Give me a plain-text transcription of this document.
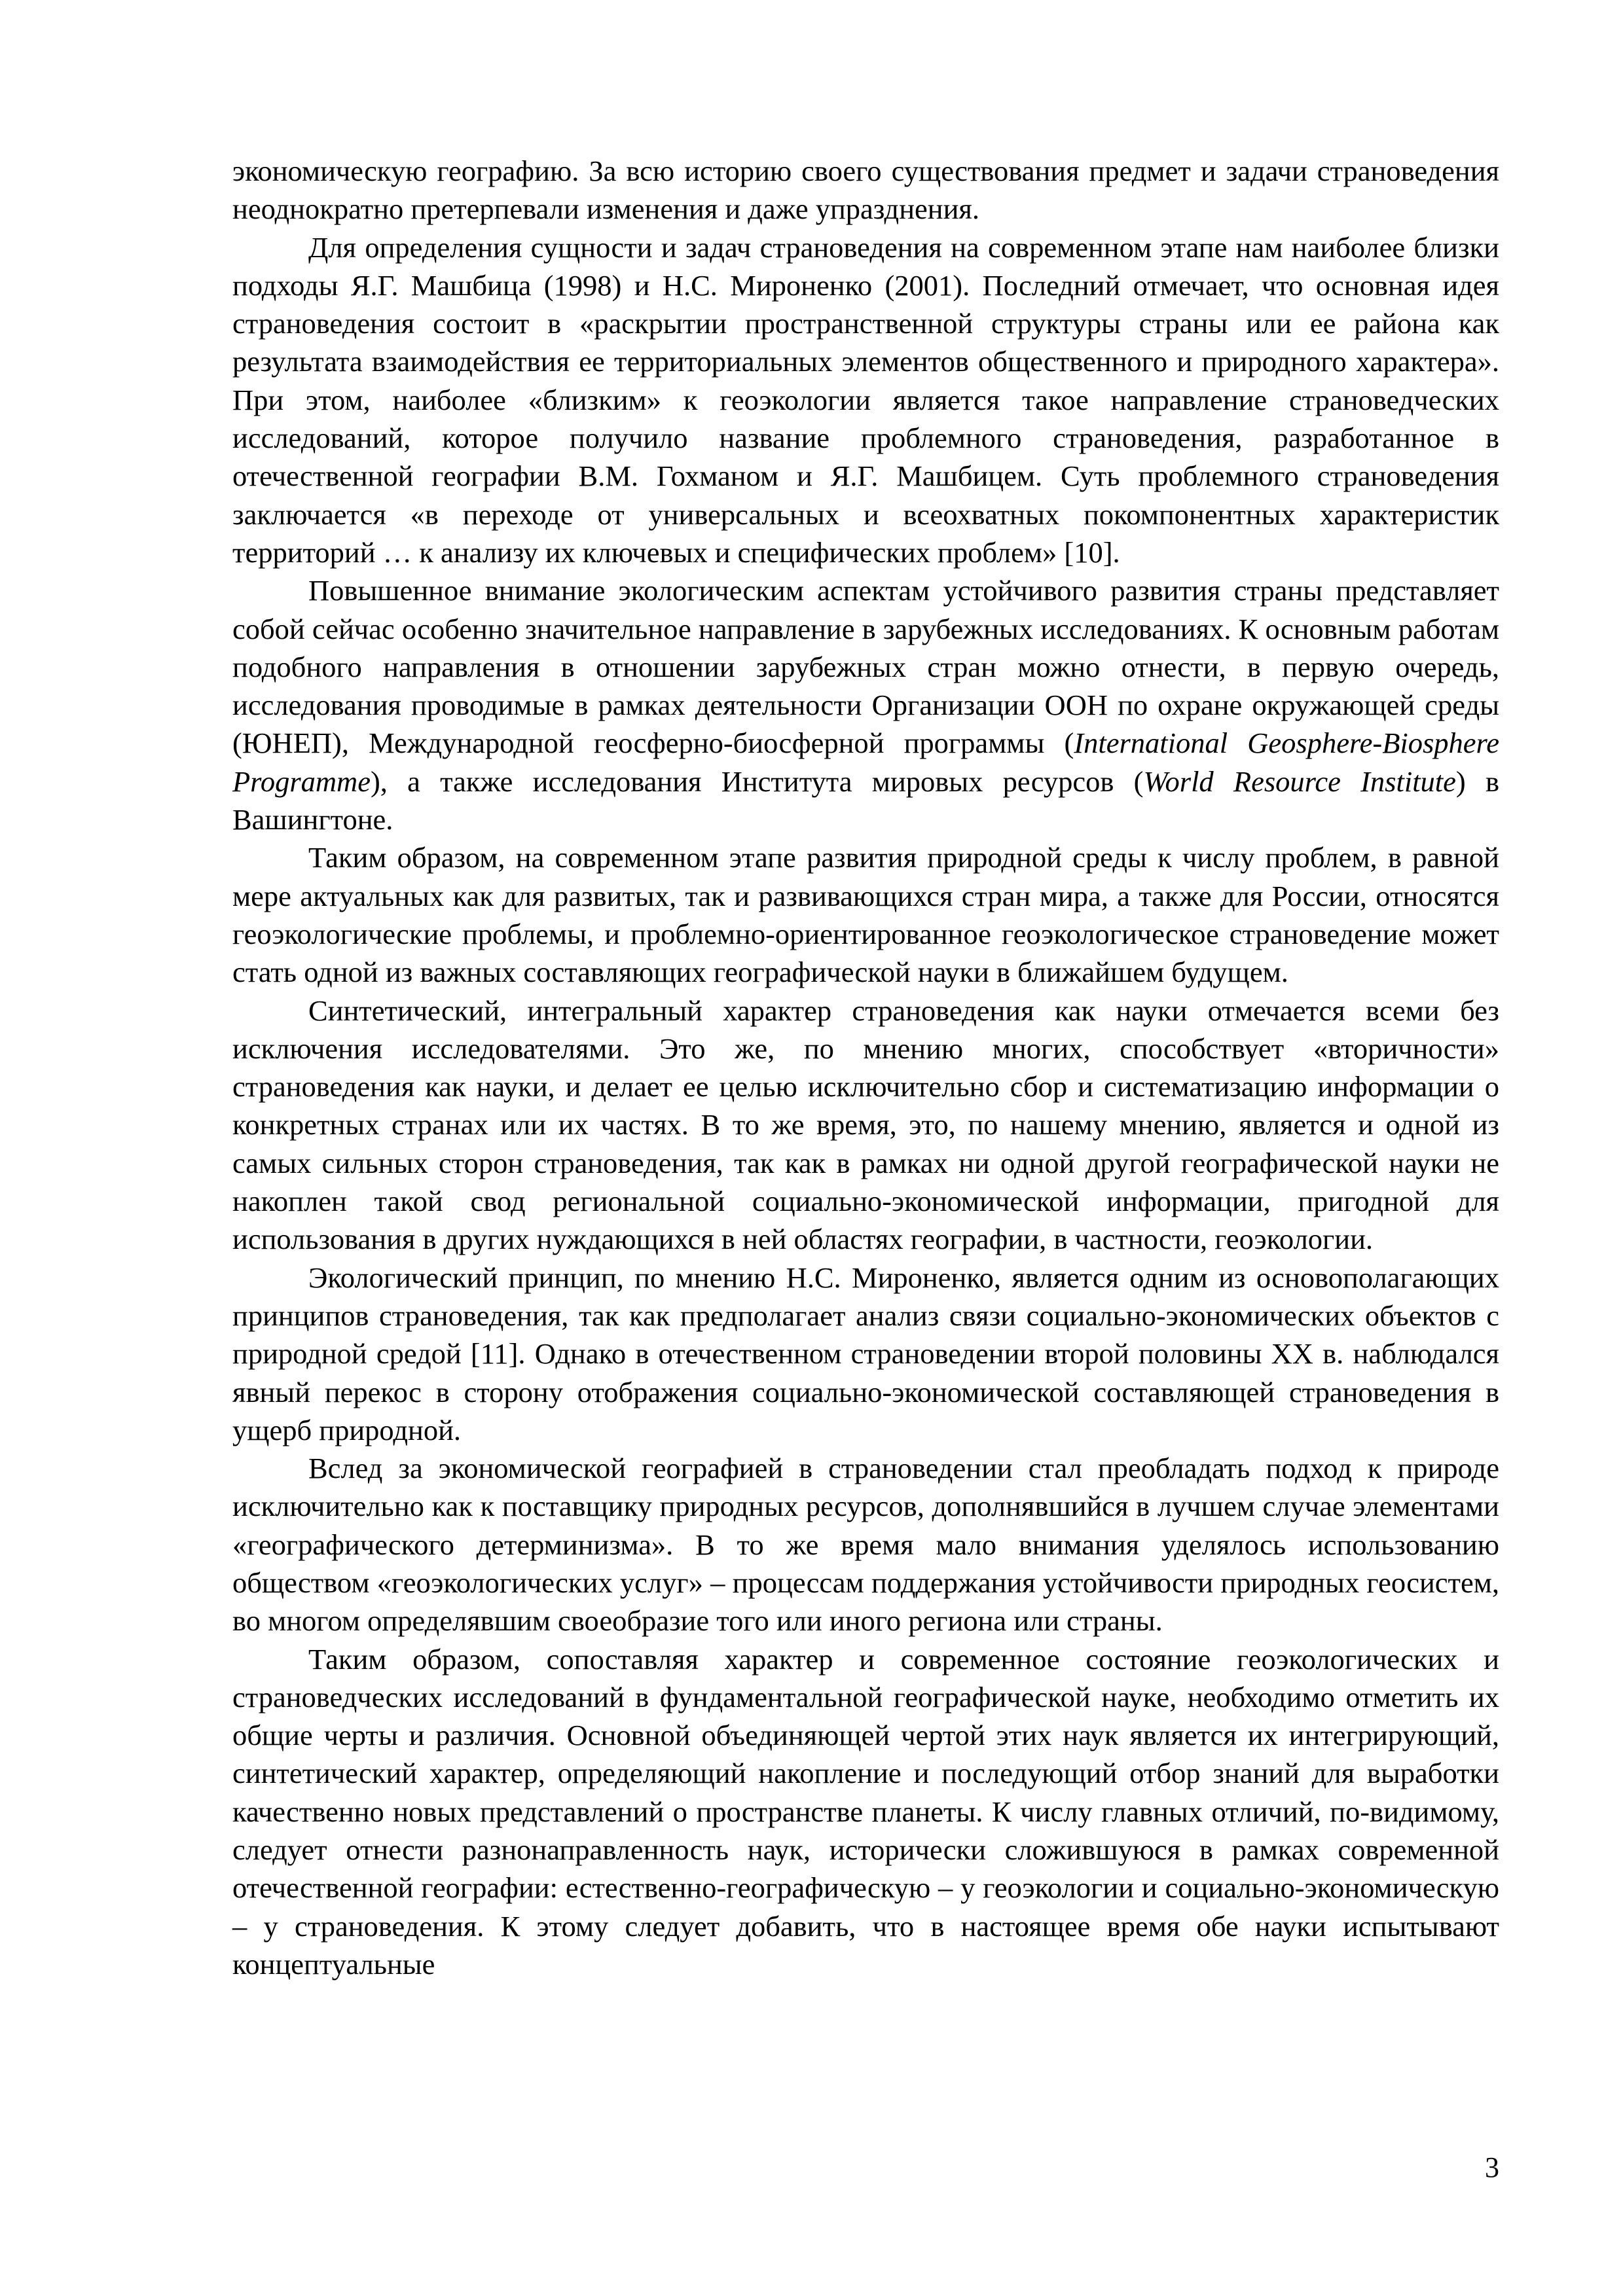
экономическую географию. За всю историю своего существования предмет и задачи страноведения неоднократно претерпевали изменения и даже упразднения.

Для определения сущности и задач страноведения на современном этапе нам наиболее близки подходы Я.Г. Машбица (1998) и Н.С. Мироненко (2001). Последний отмечает, что основная идея страноведения состоит в «раскрытии пространственной структуры страны или ее района как результата взаимодействия ее территориальных элементов общественного и природного характера». При этом, наиболее «близким» к геоэкологии является такое направление страноведческих исследований, которое получило название проблемного страноведения, разработанное в отечественной географии В.М. Гохманом и Я.Г. Машбицем. Суть проблемного страноведения заключается «в переходе от универсальных и всеохватных покомпонентных характеристик территорий … к анализу их ключевых и специфических проблем» [10].

Повышенное внимание экологическим аспектам устойчивого развития страны представляет собой сейчас особенно значительное направление в зарубежных исследованиях. К основным работам подобного направления в отношении зарубежных стран можно отнести, в первую очередь, исследования проводимые в рамках деятельности Организации ООН по охране окружающей среды (ЮНЕП), Международной геосферно-биосферной программы (International Geosphere-Biosphere Programme), а также исследования Института мировых ресурсов (World Resource Institute) в Вашингтоне.

Таким образом, на современном этапе развития природной среды к числу проблем, в равной мере актуальных как для развитых, так и развивающихся стран мира, а также для России, относятся геоэкологические проблемы, и проблемно-ориентированное геоэкологическое страноведение может стать одной из важных составляющих географической науки в ближайшем будущем.

Синтетический, интегральный характер страноведения как науки отмечается всеми без исключения исследователями. Это же, по мнению многих, способствует «вторичности» страноведения как науки, и делает ее целью исключительно сбор и систематизацию информации о конкретных странах или их частях. В то же время, это, по нашему мнению, является и одной из самых сильных сторон страноведения, так как в рамках ни одной другой географической науки не накоплен такой свод региональной социально-экономической информации, пригодной для использования в других нуждающихся в ней областях географии, в частности, геоэкологии.

Экологический принцип, по мнению Н.С. Мироненко, является одним из основополагающих принципов страноведения, так как предполагает анализ связи социально-экономических объектов с природной средой [11]. Однако в отечественном страноведении второй половины XX в. наблюдался явный перекос в сторону отображения социально-экономической составляющей страноведения в ущерб природной.

Вслед за экономической географией в страноведении стал преобладать подход к природе исключительно как к поставщику природных ресурсов, дополнявшийся в лучшем случае элементами «географического детерминизма». В то же время мало внимания уделялось использованию обществом «геоэкологических услуг» – процессам поддержания устойчивости природных геосистем, во многом определявшим своеобразие того или иного региона или страны.

Таким образом, сопоставляя характер и современное состояние геоэкологических и страноведческих исследований в фундаментальной географической науке, необходимо отметить их общие черты и различия. Основной объединяющей чертой этих наук является их интегрирующий, синтетический характер, определяющий накопление и последующий отбор знаний для выработки качественно новых представлений о пространстве планеты. К числу главных отличий, по-видимому, следует отнести разнонаправленность наук, исторически сложившуюся в рамках современной отечественной географии: естественно-географическую – у геоэкологии и социально-экономическую – у страноведения. К этому следует добавить, что в настоящее время обе науки испытывают концептуальные

3
